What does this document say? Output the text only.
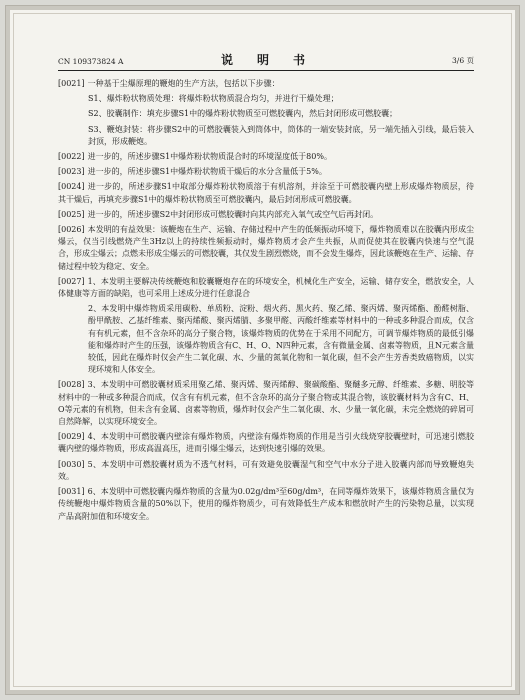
CN 109373824 A	说　明　书	3/6 页

[0021] 一种基于尘爆原理的鞭炮的生产方法，包括以下步骤：

S1、爆炸粉状物质处理：将爆炸粉状物质混合均匀，并进行干燥处理；

S2、胶囊制作：填充步骤S1中的爆炸粉状物质至可燃胶囊内，然后封闭形成可燃胶囊；

S3、鞭炮封装：将步骤S2中的可燃胶囊装入到筒体中，筒体的一端安装封底，另一端先插入引线，最后装入封顶，形成鞭炮。

[0022] 进一步的，所述步骤S1中爆炸粉状物质混合时的环境湿度低于80%。

[0023] 进一步的，所述步骤S1中爆炸粉状物质干燥后的水分含量低于5%。

[0024] 进一步的，所述步骤S1中取部分爆炸粉状物质溶于有机溶剂，并涂至于可燃胶囊内壁上形成爆炸物质层，待其干燥后，再填充步骤S1中的爆炸粉状物质至可燃胶囊内，最后封闭形成可燃胶囊。

[0025] 进一步的，所述步骤S2中封闭形成可燃胶囊时向其内部充入氧气或空气后再封闭。

[0026] 本发明的有益效果：该鞭炮在生产、运输、存储过程中产生的低频振动环境下，爆炸物质难以在胶囊内形成尘爆云，仅当引线燃烧产生3Hz以上的持续性频振动时，爆炸物质才会产生共振，从而促使其在胶囊内快速与空气混合，形成尘爆云；点燃未形成尘爆云的可燃胶囊，其仅发生剧烈燃烧，而不会发生爆炸，因此该鞭炮在生产、运输、存储过程中较为稳定、安全。

[0027] 1、本发明主要解决传统鞭炮和胶囊鞭炮存在的环境安全，机械化生产安全，运输、储存安全，燃放安全，人体健康等方面的缺陷，也可采用上述成分进行任意混合

2、本发明中爆炸物质采用碳粉、单质粉、淀粉、烟火药、黑火药、聚乙烯、聚丙烯、聚丙烯酯、酚醛树脂、酚甲酰胺、乙基纤维素、聚丙烯酸、聚丙烯腈、多聚甲醛、丙酸纤维素等材料中的一种或多种混合而成，仅含有有机元素，但不含杂环的高分子聚合物，该爆炸物质的优势在于采用不同配方，可调节爆炸物质的最低引爆能和爆炸时产生的压强，该爆炸物质含有C、H、O、N四种元素，含有微量金属、卤素等物质，且N元素含量较低，因此在爆炸时仅会产生二氧化碳、水、少量的氮氧化物和一氧化碳，但不会产生芳香类致癌物质，以实现环境和人体安全。

[0028] 3、本发明中可燃胶囊材质采用聚乙烯、聚丙烯、聚丙烯醇、聚碳酸酯、聚醚多元醇、纤维素、多糖、明胶等材料中的一种或多种混合而成，仅含有有机元素，但不含杂环的高分子聚合物或其混合物，该胶囊材料为含有C、H、O等元素的有机物，但未含有金属、卤素等物质，爆炸时仅会产生二氧化碳、水、少量一氧化碳，未完全燃烧的碎屑可自然降解，以实现环境安全。

[0029] 4、本发明中可燃胶囊内壁涂有爆炸物质，内壁涂有爆炸物质的作用是当引火线烧穿胶囊壁时，可迅速引燃胶囊内壁的爆炸物质，形成高温高压，进而引爆尘爆云，达到快速引爆的效果。

[0030] 5、本发明中可燃胶囊材质为不透气材料，可有效避免胶囊湿气和空气中水分子进入胶囊内部而导致鞭炮失效。

[0031] 6、本发明中可燃胶囊内爆炸物质的含量为0.02g/dm³至60g/dm³，在同等爆炸效果下，该爆炸物质含量仅为传统鞭炮中爆炸物质含量的50%以下，使用的爆炸物质少，可有效降低生产成本和燃放时产生的污染物总量，以实现产品高附加值和环境安全。
